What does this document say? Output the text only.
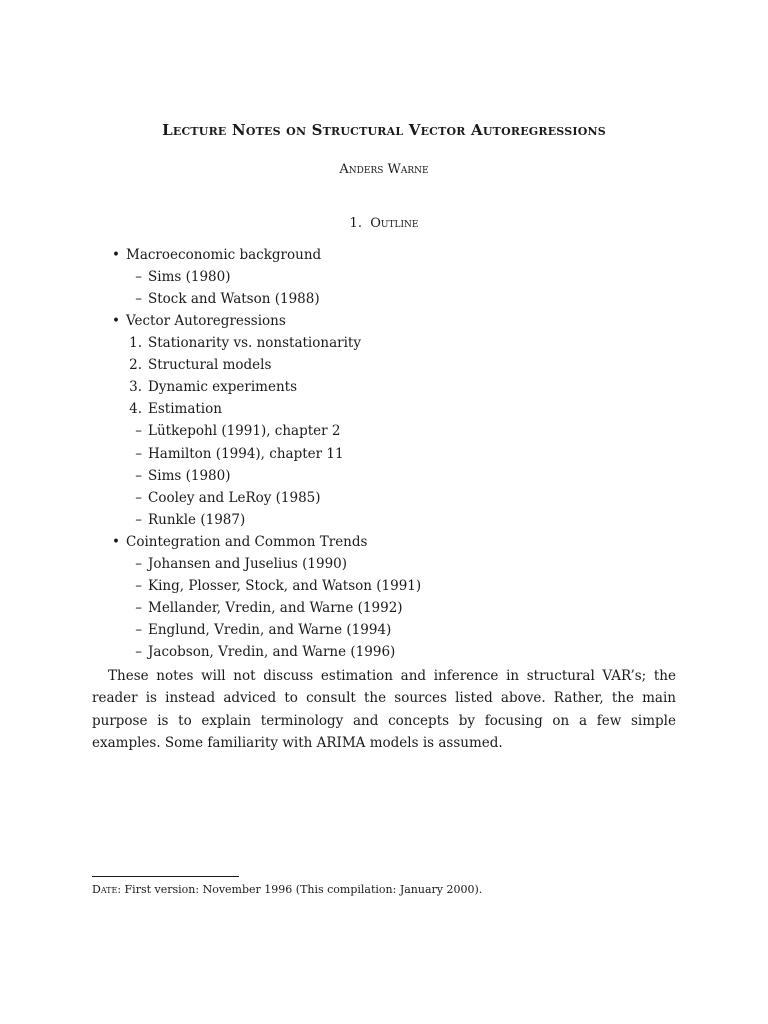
Lecture Notes on Structural Vector Autoregressions
Anders Warne
1. Outline
• Macroeconomic background
– Sims (1980)
– Stock and Watson (1988)
• Vector Autoregressions
1. Stationarity vs. nonstationarity
2. Structural models
3. Dynamic experiments
4. Estimation
– Lütkepohl (1991), chapter 2
– Hamilton (1994), chapter 11
– Sims (1980)
– Cooley and LeRoy (1985)
– Runkle (1987)
• Cointegration and Common Trends
– Johansen and Juselius (1990)
– King, Plosser, Stock, and Watson (1991)
– Mellander, Vredin, and Warne (1992)
– Englund, Vredin, and Warne (1994)
– Jacobson, Vredin, and Warne (1996)
These notes will not discuss estimation and inference in structural VAR’s; the reader is instead adviced to consult the sources listed above. Rather, the main purpose is to explain terminology and concepts by focusing on a few simple examples. Some familiarity with ARIMA models is assumed.
Date: First version: November 1996 (This compilation: January 2000).
